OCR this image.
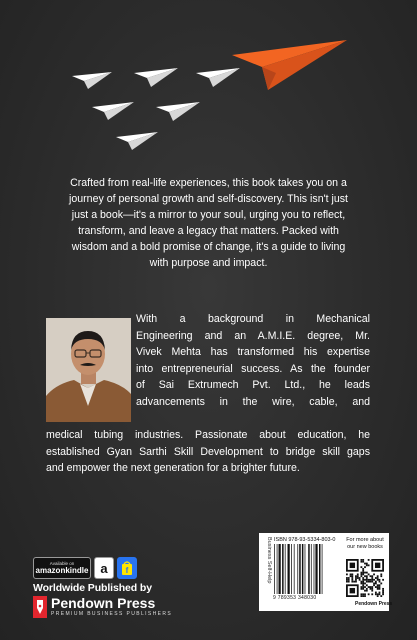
Crafted from real-life experiences, this book takes you on a
journey of personal growth and self-discovery. This isn't just
just a book—it's a mirror to your soul, urging you to reflect,
transform, and leave a legacy that matters. Packed with
wisdom and a bold promise of change, it's a guide to living
with purpose and impact.
With a background in Mechanical
Engineering and an A.M.I.E. degree, Mr.
Vivek Mehta has transformed his expertise
into entrepreneurial success. As the founder
of Sai Extrumech Pvt. Ltd., he leads
advancements in the wire, cable, and
medical tubing industries. Passionate about education, he
established Gyan Sarthi Skill Development to bridge skill gaps
and empower the next generation for a brighter future.
Available on
amazonkindle a f
Worldwide Published by
Pendown Press
PREMIUM BUSINESS PUBLISHERS
Business Self-Help ISBN 978-93-5334-803-0
9 789353 348030
For more about our new books
Pendown Press
